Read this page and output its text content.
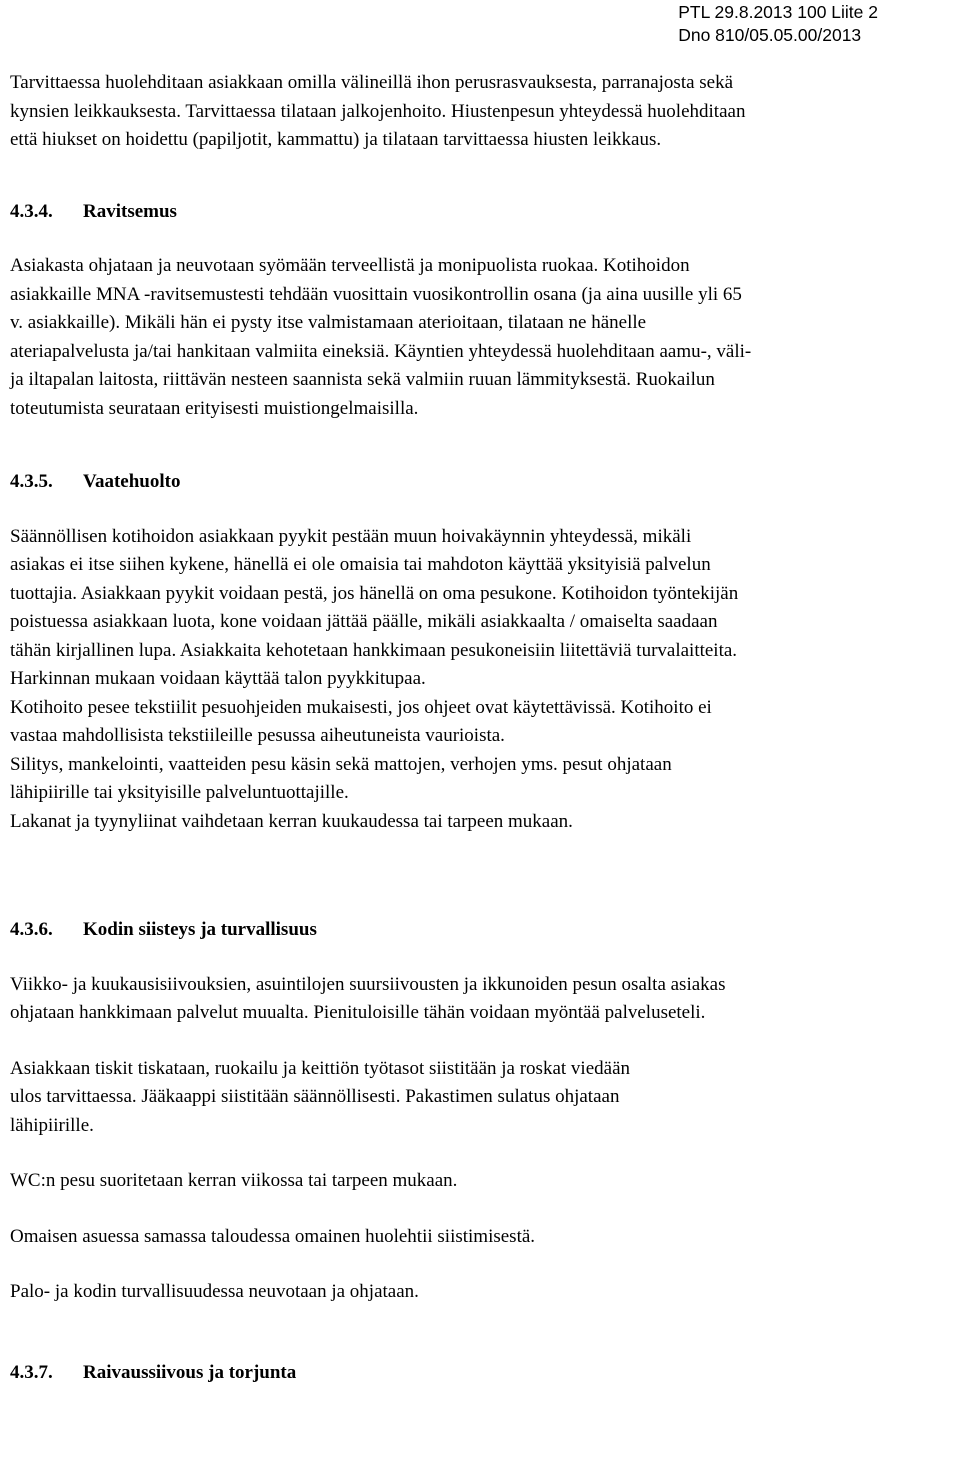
PTL 29.8.2013 100 Liite 2
Dno 810/05.05.00/2013

Tarvittaessa huolehditaan asiakkaan omilla välineillä ihon perusrasvauksesta, parranajosta sekä
kynsien leikkauksesta. Tarvittaessa tilataan jalkojenhoito. Hiustenpesun yhteydessä huolehditaan
että hiukset on hoidettu (papiljotit, kammattu) ja tilataan tarvittaessa hiusten leikkaus.

4.3.4.	Ravitsemus

Asiakasta ohjataan ja neuvotaan syömään terveellistä ja monipuolista ruokaa. Kotihoidon
asiakkaille MNA -ravitsemustesti tehdään vuosittain vuosikontrollin osana (ja aina uusille yli 65
v. asiakkaille). Mikäli hän ei pysty itse valmistamaan aterioitaan, tilataan ne hänelle
ateriapalvelusta ja/tai hankitaan valmiita eineksiä. Käyntien yhteydessä huolehditaan aamu-, väli-
ja iltapalan laitosta, riittävän nesteen saannista sekä valmiin ruuan lämmityksestä. Ruokailun
toteutumista seurataan erityisesti muistiongelmaisilla.

4.3.5.	Vaatehuolto

Säännöllisen kotihoidon asiakkaan pyykit pestään muun hoivakäynnin yhteydessä, mikäli
asiakas ei itse siihen kykene, hänellä ei ole omaisia tai mahdoton käyttää yksityisiä palvelun
tuottajia. Asiakkaan pyykit voidaan pestä, jos hänellä on oma pesukone. Kotihoidon työntekijän
poistuessa asiakkaan luota, kone voidaan jättää päälle, mikäli asiakkaalta / omaiselta saadaan
tähän kirjallinen lupa. Asiakkaita kehotetaan hankkimaan pesukoneisiin liitettäviä turvalaitteita.
Harkinnan mukaan voidaan käyttää talon pyykkitupaa.
Kotihoito pesee tekstiilit pesuohjeiden mukaisesti, jos ohjeet ovat käytettävissä. Kotihoito ei
vastaa mahdollisista tekstiileille pesussa aiheutuneista vaurioista.
Silitys, mankelointi, vaatteiden pesu käsin sekä mattojen, verhojen yms. pesut ohjataan
lähipiirille tai yksityisille palveluntuottajille.
Lakanat ja tyynyliinat vaihdetaan kerran kuukaudessa tai tarpeen mukaan.

4.3.6.	Kodin siisteys ja turvallisuus

Viikko- ja kuukausisiivouksien, asuintilojen suursiivousten ja ikkunoiden pesun osalta asiakas
ohjataan hankkimaan palvelut muualta. Pienituloisille tähän voidaan myöntää palveluseteli.

Asiakkaan tiskit tiskataan, ruokailu ja keittiön työtasot siistitään ja roskat viedään
ulos tarvittaessa. Jääkaappi siistitään säännöllisesti. Pakastimen sulatus ohjataan
lähipiirille.

WC:n pesu suoritetaan kerran viikossa tai tarpeen mukaan.

Omaisen asuessa samassa taloudessa omainen huolehtii siistimisestä.

Palo- ja kodin turvallisuudessa neuvotaan ja ohjataan.

4.3.7.	Raivaussiivous ja torjunta
